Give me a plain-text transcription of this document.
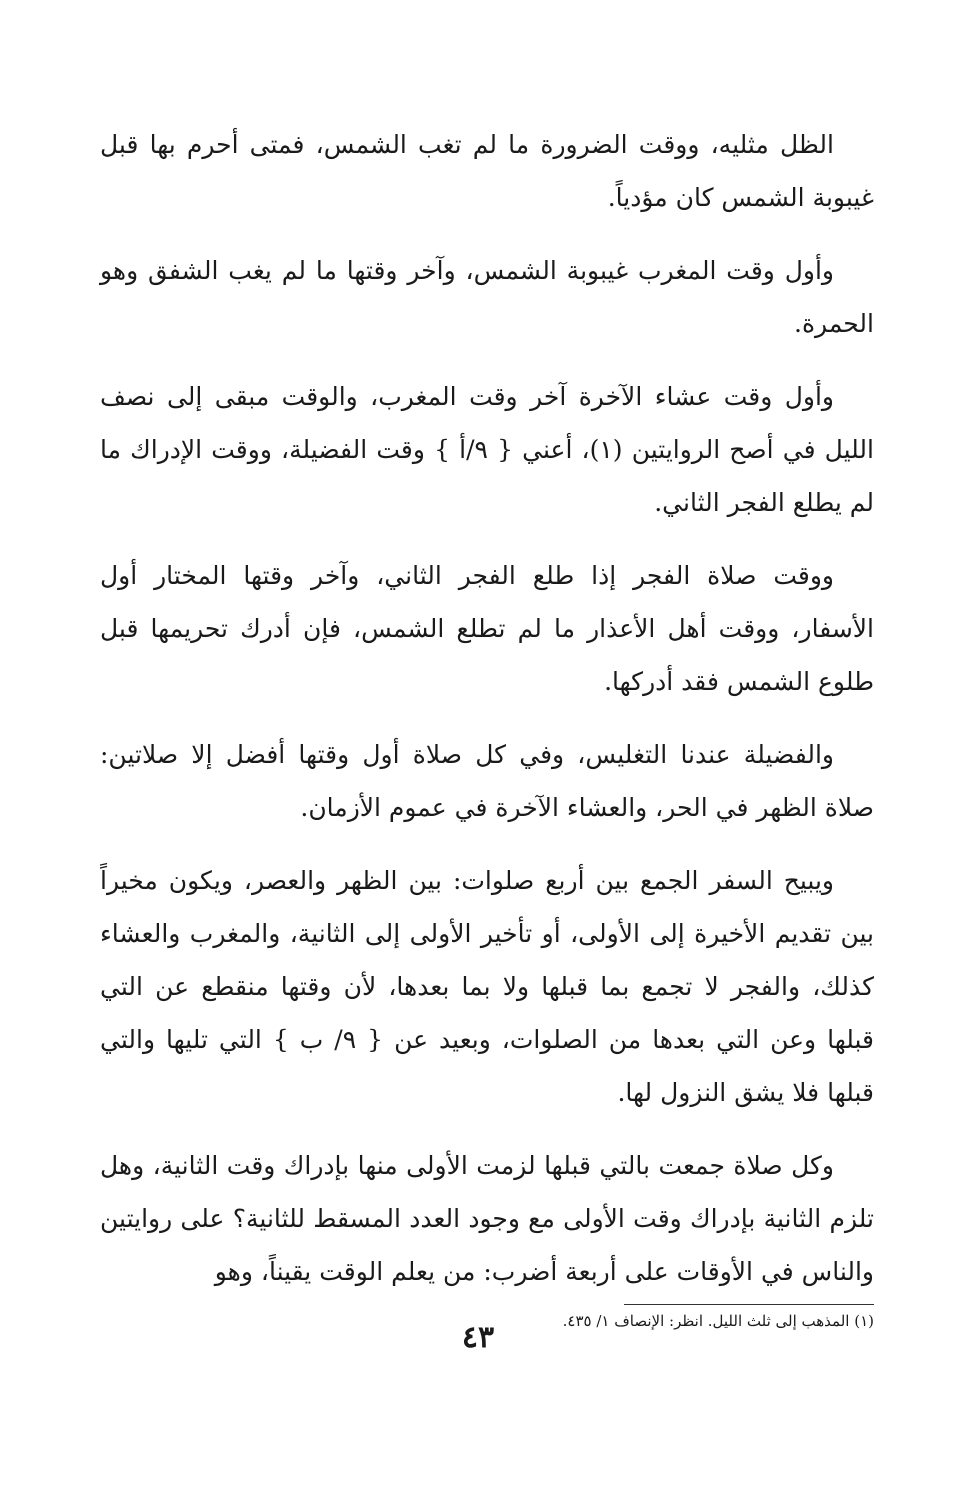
الظل مثليه، ووقت الضرورة ما لم تغب الشمس، فمتى أحرم بها قبل غيبوبة الشمس كان مؤدياً.

وأول وقت المغرب غيبوبة الشمس، وآخر وقتها ما لم يغب الشفق وهو الحمرة.

وأول وقت عشاء الآخرة آخر وقت المغرب، والوقت مبقى إلى نصف الليل في أصح الروايتين (١)، أعني { ٩/أ } وقت الفضيلة، ووقت الإدراك ما لم يطلع الفجر الثاني.

ووقت صلاة الفجر إذا طلع الفجر الثاني، وآخر وقتها المختار أول الأسفار، ووقت أهل الأعذار ما لم تطلع الشمس، فإن أدرك تحريمها قبل طلوع الشمس فقد أدركها.

والفضيلة عندنا التغليس، وفي كل صلاة أول وقتها أفضل إلا صلاتين: صلاة الظهر في الحر، والعشاء الآخرة في عموم الأزمان.

ويبيح السفر الجمع بين أربع صلوات: بين الظهر والعصر، ويكون مخيراً بين تقديم الأخيرة إلى الأولى، أو تأخير الأولى إلى الثانية، والمغرب والعشاء كذلك، والفجر لا تجمع بما قبلها ولا بما بعدها، لأن وقتها منقطع عن التي قبلها وعن التي بعدها من الصلوات، وبعيد عن { ٩/ ب } التي تليها والتي قبلها فلا يشق النزول لها.

وكل صلاة جمعت بالتي قبلها لزمت الأولى منها بإدراك وقت الثانية، وهل تلزم الثانية بإدراك وقت الأولى مع وجود العدد المسقط للثانية؟ على روايتين والناس في الأوقات على أربعة أضرب: من يعلم الوقت يقيناً، وهو

(١) المذهب إلى ثلث الليل. انظر: الإنصاف ١/ ٤٣٥.
٤٣
